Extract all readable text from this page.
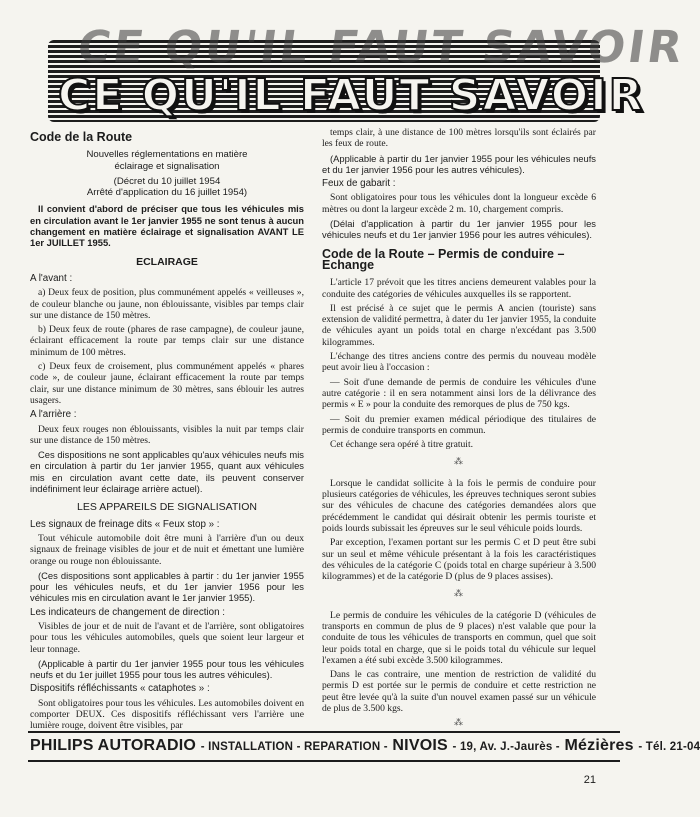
CE QU'IL FAUT SAVOIR
CE QU'IL FAUT SAVOIR
Code de la Route

Nouvelles réglementations en matière

éclairage et signalisation

(Décret du 10 juillet 1954

Arrêté d'application du 16 juillet 1954)

Il convient d'abord de préciser que tous les véhicules mis en circulation avant le 1er janvier 1955 ne sont tenus à aucun changement en matière éclairage et signalisation AVANT LE 1er JUILLET 1955.

ECLAIRAGE

A l'avant :

a) Deux feux de position, plus communément appelés « veilleuses », de couleur blanche ou jaune, non éblouissante, visibles par temps clair sur une distance de 150 mètres.

b) Deux feux de route (phares de rase campagne), de couleur jaune, éclairant efficacement la route par temps clair sur une distance minimum de 100 mètres.

c) Deux feux de croisement, plus communément appelés « phares code », de couleur jaune, éclairant efficacement la route par temps clair, sur une distance minimum de 30 mètres, sans éblouir les autres usagers.

A l'arrière :

Deux feux rouges non éblouissants, visibles la nuit par temps clair sur une distance de 150 mètres.

Ces dispositions ne sont applicables qu'aux véhicules neufs mis en circulation à partir du 1er janvier 1955, quant aux véhicules mis en circulation avant cette date, ils peuvent conserver indéfiniment leur éclairage arrière actuel).

LES APPAREILS DE SIGNALISATION

Les signaux de freinage dits « Feux stop » :

Tout véhicule automobile doit être muni à l'arrière d'un ou deux signaux de freinage visibles de jour et de nuit et émettant une lumière orange ou rouge non éblouissante.

(Ces dispositions sont applicables à partir : du 1er janvier 1955 pour les véhicules neufs, et du 1er janvier 1956 pour les véhicules mis en circulation avant le 1er janvier 1955).

Les indicateurs de changement de direction :

Visibles de jour et de nuit de l'avant et de l'arrière, sont obligatoires pour tous les véhicules automobiles, quels que soient leur largeur et leur tonnage.

(Applicable à partir du 1er janvier 1955 pour tous les véhicules neufs et du 1er juillet 1955 pour tous les autres véhicules).

Dispositifs réfléchissants « cataphotes » :

Sont obligatoires pour tous les véhicules. Les automobiles doivent en comporter DEUX. Ces dispositifs réfléchissant vers l'arrière une lumière rouge, doivent être visibles, par

temps clair, à une distance de 100 mètres lorsqu'ils sont éclairés par les feux de route.

(Applicable à partir du 1er janvier 1955 pour les véhicules neufs et du 1er janvier 1956 pour les autres véhicules).

Feux de gabarit :

Sont obligatoires pour tous les véhicules dont la longueur excède 6 mètres ou dont la largeur excède 2 m. 10, chargement compris.

(Délai d'application à partir du 1er janvier 1955 pour les véhicules neufs et du 1er janvier 1956 pour les autres véhicules).

Code de la Route – Permis de conduire – Echange

L'article 17 prévoit que les titres anciens demeurent valables pour la conduite des catégories de véhicules auxquelles ils se rapportent.

Il est précisé à ce sujet que le permis A ancien (touriste) sans extension de validité permettra, à dater du 1er janvier 1955, la conduite de véhicules ayant un poids total en charge n'excédant pas 3.500 kilogrammes.

L'échange des titres anciens contre des permis du nouveau modèle peut avoir lieu à l'occasion :

— Soit d'une demande de permis de conduire les véhicules d'une autre catégorie : il en sera notamment ainsi lors de la délivrance des permis « E » pour la conduite des remorques de plus de 750 kgs.

— Soit du premier examen médical périodique des titulaires de permis de conduire transports en commun.

Cet échange sera opéré à titre gratuit.

⁂

Lorsque le candidat sollicite à la fois le permis de conduire pour plusieurs catégories de véhicules, les épreuves techniques seront subies sur des véhicules de chacune des catégories demandées alors que précédemment le candidat qui désirait obtenir les permis touriste et poids lourds subissait les épreuves sur le seul véhicule poids lourds.

Par exception, l'examen portant sur les permis C et D peut être subi sur un seul et même véhicule présentant à la fois les caractéristiques des véhicules de la catégorie C (poids total en charge supérieur à 3.500 kilogrammes) et de la catégorie D (plus de 9 places assises).

⁂

Le permis de conduire les véhicules de la catégorie D (véhicules de transports en commun de plus de 9 places) n'est valable que pour la conduite de tous les véhicules de transports en commun, quel que soit leur poids total en charge, que si le poids total du véhicule sur lequel l'examen a été subi excède 3.500 kilogrammes.

Dans le cas contraire, une mention de restriction de validité du permis D est portée sur le permis de conduire et cette restriction ne peut être levée qu'à la suite d'un nouvel examen passé sur un véhicule de plus de 3.500 kgs.

⁂
PHILIPS AUTORADIO - INSTALLATION - REPARATION - NIVOIS - 19, Av. J.-Jaurès - Mézières - Tél. 21-04
21
